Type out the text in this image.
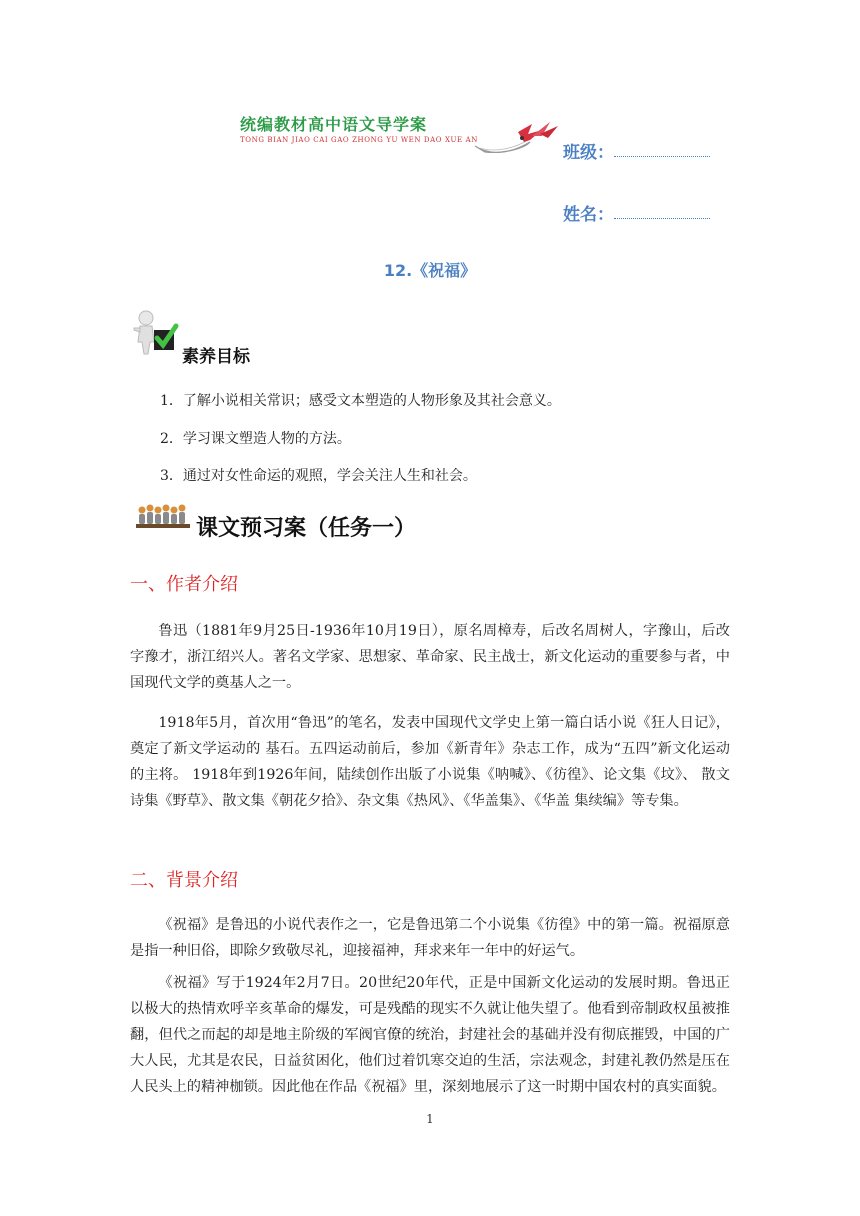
统编教材高中语文导学案
TONG BIAN JIAO CAI GAO ZHONG YU WEN DAO XUE AN
班级：
姓名：
12.《祝福》
素养目标
1．了解小说相关常识；感受文本塑造的人物形象及其社会意义。
2．学习课文塑造人物的方法。
3．通过对女性命运的观照，学会关注人生和社会。
课文预习案（任务一）
一、作者介绍

鲁迅（1881年9月25日-1936年10月19日），原名周樟寿，后改名周树人，字豫山，后改字豫才，浙江绍兴人。著名文学家、思想家、革命家、民主战士，新文化运动的重要参与者，中国现代文学的奠基人之一。

1918年5月，首次用“鲁迅”的笔名，发表中国现代文学史上第一篇白话小说《狂人日记》，奠定了新文学运动的 基石。五四运动前后，参加《新青年》杂志工作，成为“五四”新文化运动的主将。 1918年到1926年间，陆续创作出版了小说集《呐喊》、《彷徨》、论文集《坟》、 散文诗集《野草》、散文集《朝花夕拾》、杂文集《热风》、《华盖集》、《华盖 集续编》等专集。

二、背景介绍

《祝福》是鲁迅的小说代表作之一，它是鲁迅第二个小说集《彷徨》中的第一篇。祝福原意是指一种旧俗，即除夕致敬尽礼，迎接福神，拜求来年一年中的好运气。

《祝福》写于1924年2月7日。20世纪20年代，正是中国新文化运动的发展时期。鲁迅正以极大的热情欢呼辛亥革命的爆发，可是残酷的现实不久就让他失望了。他看到帝制政权虽被推翻，但代之而起的却是地主阶级的军阀官僚的统治，封建社会的基础并没有彻底摧毁，中国的广大人民，尤其是农民，日益贫困化，他们过着饥寒交迫的生活，宗法观念，封建礼教仍然是压在人民头上的精神枷锁。因此他在作品《祝福》里，深刻地展示了这一时期中国农村的真实面貌。

1
